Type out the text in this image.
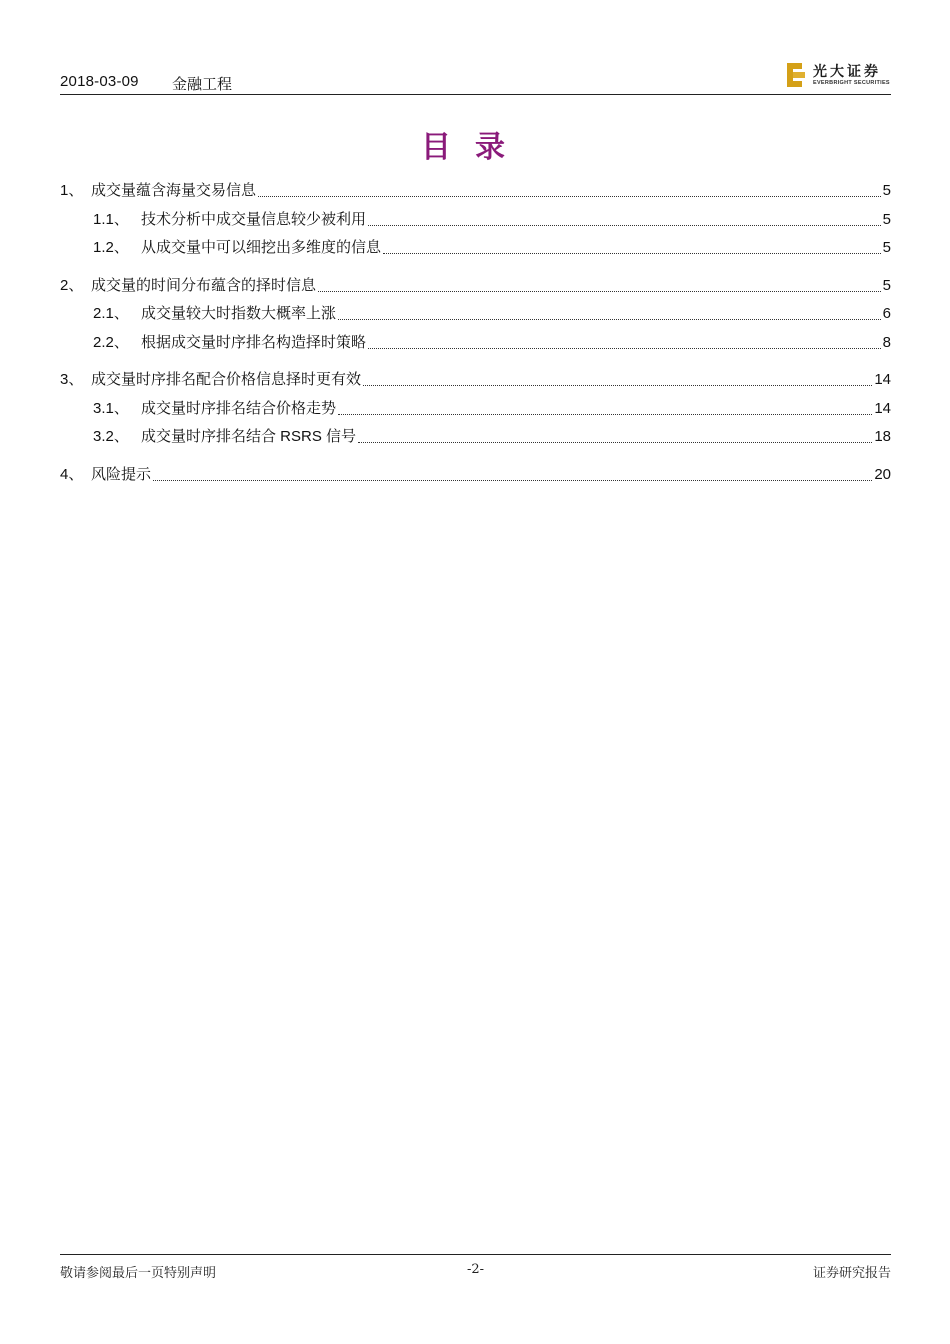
2018-03-09 金融工程
光大证券
EVERBRIGHT SECURITIES
目录
1、 成交量蕴含海量交易信息	5
1.1、 技术分析中成交量信息较少被利用	5
1.2、 从成交量中可以细挖出多维度的信息	5
2、 成交量的时间分布蕴含的择时信息	5
2.1、 成交量较大时指数大概率上涨	6
2.2、 根据成交量时序排名构造择时策略	8
3、 成交量时序排名配合价格信息择时更有效	14
3.1、 成交量时序排名结合价格走势	14
3.2、 成交量时序排名结合 RSRS 信号	18
4、 风险提示	20
敬请参阅最后一页特别声明	-2-	证券研究报告
